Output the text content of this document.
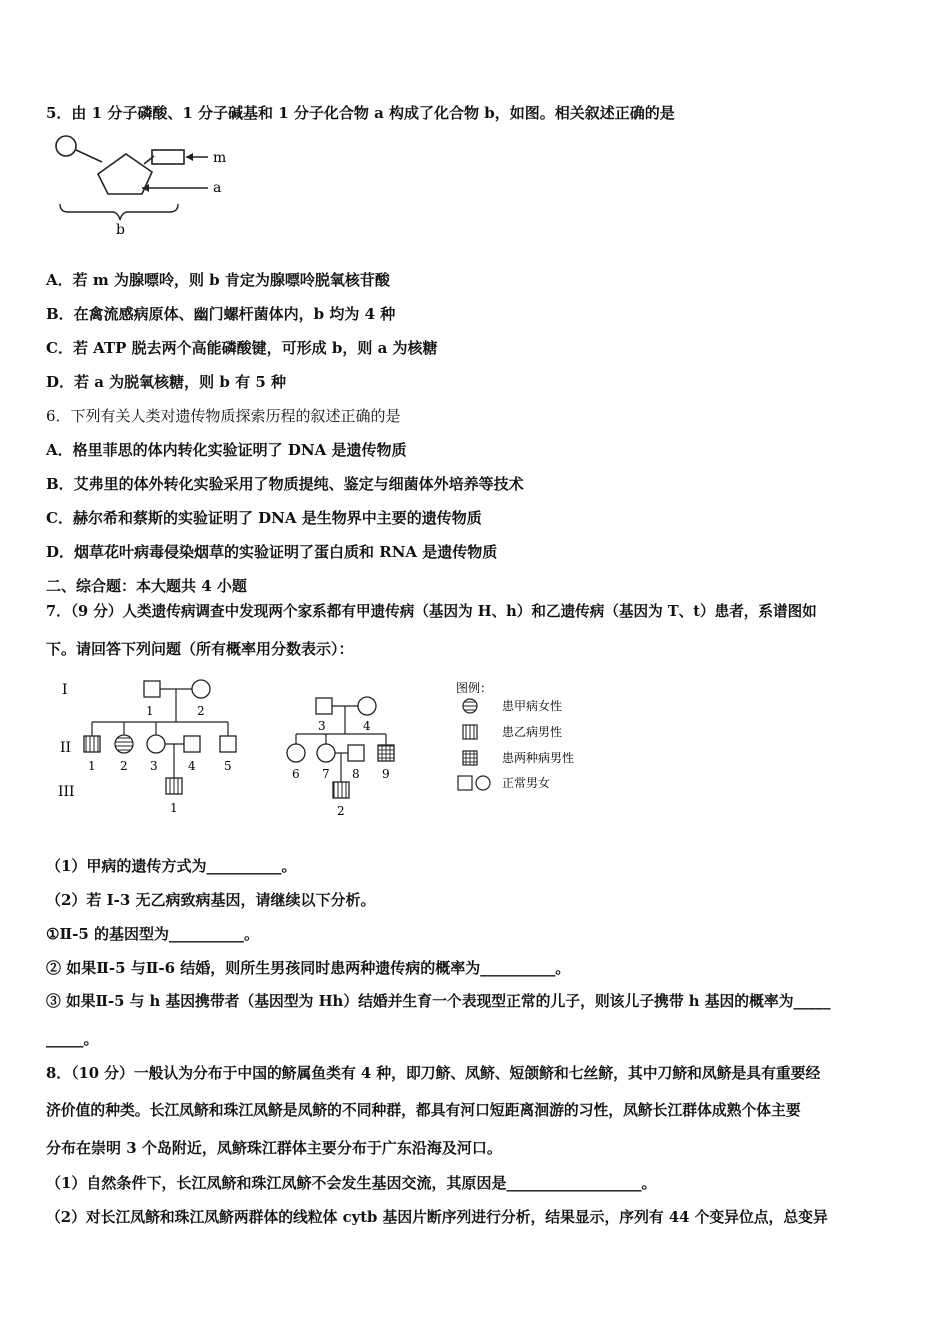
5．由 1 分子磷酸、1 分子碱基和 1 分子化合物 a 构成了化合物 b，如图。相关叙述正确的是
m
a
b
A．若 m 为腺嘌呤，则 b 肯定为腺嘌呤脱氧核苷酸
B．在禽流感病原体、幽门螺杆菌体内，b 均为 4 种
C．若 ATP 脱去两个高能磷酸键，可形成 b，则 a 为核糖
D．若 a 为脱氧核糖，则 b 有 5 种
6．下列有关人类对遗传物质探索历程的叙述正确的是
A．格里菲思的体内转化实验证明了 DNA 是遗传物质
B．艾弗里的体外转化实验采用了物质提纯、鉴定与细菌体外培养等技术
C．赫尔希和蔡斯的实验证明了 DNA 是生物界中主要的遗传物质
D．烟草花叶病毒侵染烟草的实验证明了蛋白质和 RNA 是遗传物质
二、综合题：本大题共 4 小题
7．（9 分）人类遗传病调查中发现两个家系都有甲遗传病（基因为 H、h）和乙遗传病（基因为 T、t）患者，系谱图如
下。请回答下列问题（所有概率用分数表示）：
I
II
III
1	2
1 2 3	4 5
1
3	4
6 7 8 9
2
图例：
患甲病女性
患乙病男性
患两种病男性
正常男女
（1）甲病的遗传方式为__________。
（2）若 I-3 无乙病致病基因，请继续以下分析。
①Ⅱ-5 的基因型为__________。
② 如果Ⅱ-5 与Ⅱ-6 结婚，则所生男孩同时患两种遗传病的概率为__________。
③ 如果Ⅱ-5 与 h 基因携带者（基因型为 Hh）结婚并生育一个表现型正常的儿子，则该儿子携带 h 基因的概率为_____
_____。
8．（10 分）一般认为分布于中国的鲚属鱼类有 4 种，即刀鲚、凤鲚、短颌鲚和七丝鲚，其中刀鲚和凤鲚是具有重要经
济价值的种类。长江凤鲚和珠江凤鲚是凤鲚的不同种群，都具有河口短距离洄游的习性，凤鲚长江群体成熟个体主要
分布在崇明 3 个岛附近，凤鲚珠江群体主要分布于广东沿海及河口。
（1）自然条件下，长江凤鲚和珠江凤鲚不会发生基因交流，其原因是__________________。
（2）对长江凤鲚和珠江凤鲚两群体的线粒体 cytb 基因片断序列进行分析，结果显示，序列有 44 个变异位点，总变异
